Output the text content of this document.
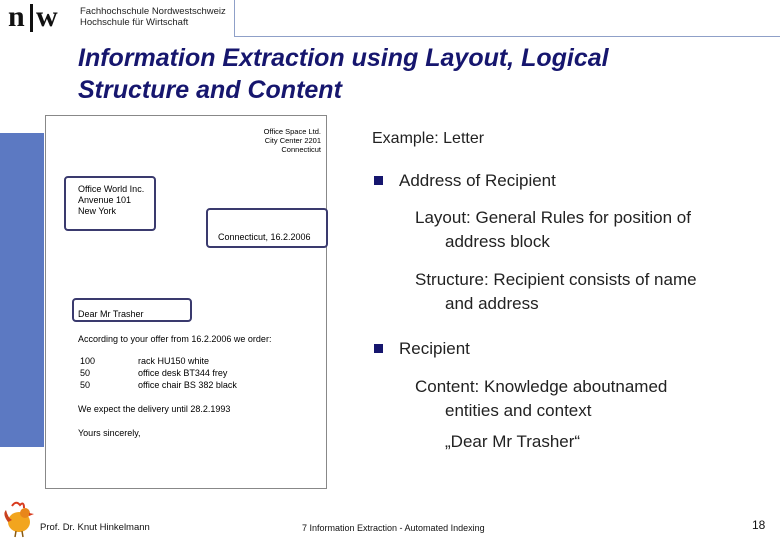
n w Fachhochschule Nordwestschweiz
Hochschule für Wirtschaft
Information Extraction using Layout, Logical
Structure and Content
Office Space Ltd.
City Center 2201
Connecticut
Office World Inc.
Anvenue 101
New York
Connecticut, 16.2.2006
Dear Mr Trasher
According to your offer from 16.2.2006 we order:
100	rack HU150 white
50	office desk BT344 frey
50	office chair BS 382 black
We expect the delivery until 28.2.1993
Yours sincerely,
Example: Letter
Address of Recipient
Layout: General Rules for position of
address block
Structure: Recipient consists of name
and address
Recipient
Content: Knowledge aboutnamed
entities and context
„Dear Mr Trasher“
Prof. Dr. Knut Hinkelmann	7 Information Extraction - Automated Indexing	18
